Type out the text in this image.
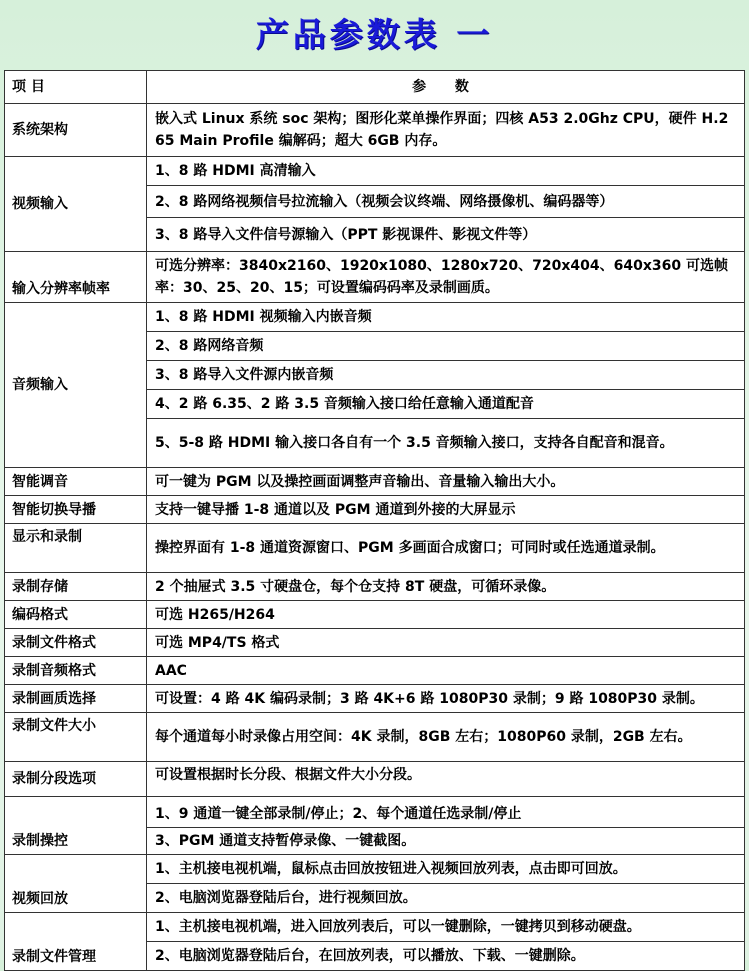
产品参数表 一
项 目	参 数
系统架构	嵌入式 Linux 系统 soc 架构；图形化菜单操作界面；四核 A53 2.0Ghz CPU，硬件 H.265 Main Profile 编解码；超大 6GB 内存。
视频输入	1、8 路 HDMI 高清输入
	2、8 路网络视频信号拉流输入（视频会议终端、网络摄像机、编码器等）
	3、8 路导入文件信号源输入（PPT 影视课件、影视文件等）
输入分辨率帧率	可选分辨率：3840x2160、1920x1080、1280x720、720x404、640x360 可选帧率：30、25、20、15；可设置编码码率及录制画质。
音频输入	1、8 路 HDMI 视频输入内嵌音频
	2、8 路网络音频
	3、8 路导入文件源内嵌音频
	4、2 路 6.35、2 路 3.5 音频输入接口给任意输入通道配音
	5、5-8 路 HDMI 输入接口各自有一个 3.5 音频输入接口，支持各自配音和混音。
智能调音	可一键为 PGM 以及操控画面调整声音输出、音量输入输出大小。
智能切换导播	支持一键导播 1-8 通道以及 PGM 通道到外接的大屏显示
显示和录制	操控界面有 1-8 通道资源窗口、PGM 多画面合成窗口；可同时或任选通道录制。
录制存储	2 个抽屉式 3.5 寸硬盘仓，每个仓支持 8T 硬盘，可循环录像。
编码格式	可选 H265/H264
录制文件格式	可选 MP4/TS 格式
录制音频格式	AAC
录制画质选择	可设置：4 路 4K 编码录制；3 路 4K+6 路 1080P30 录制；9 路 1080P30 录制。
录制文件大小	每个通道每小时录像占用空间：4K 录制，8GB 左右；1080P60 录制，2GB 左右。
录制分段选项	可设置根据时长分段、根据文件大小分段。
录制操控	1、9 通道一键全部录制/停止；2、每个通道任选录制/停止
	3、PGM 通道支持暂停录像、一键截图。
视频回放	1、主机接电视机端，鼠标点击回放按钮进入视频回放列表，点击即可回放。
	2、电脑浏览器登陆后台，进行视频回放。
录制文件管理	1、主机接电视机端，进入回放列表后，可以一键删除，一键拷贝到移动硬盘。
	2、电脑浏览器登陆后台，在回放列表，可以播放、下载、一键删除。
